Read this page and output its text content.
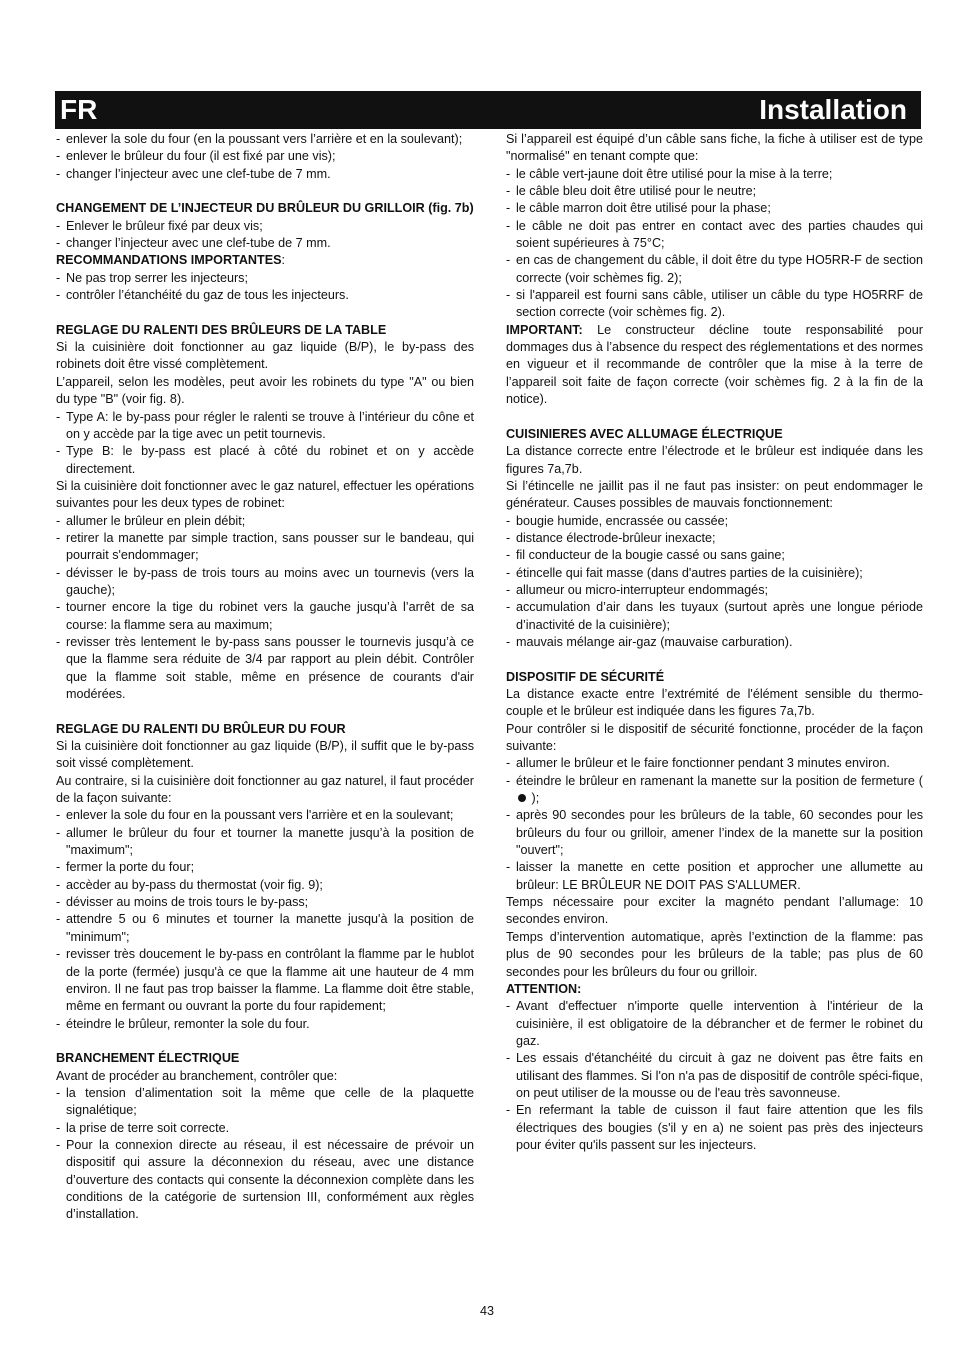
FR	Installation
- enlever la sole du four (en la poussant vers l’arrière et en la soulevant);
- enlever le brûleur du four (il est fixé par une vis);
- changer l’injecteur avec une clef-tube de 7 mm.
CHANGEMENT DE L’INJECTEUR DU BRÛLEUR DU GRILLOIR (fig. 7b)
- Enlever le brûleur fixé par deux vis;
- changer l’injecteur avec une clef-tube de 7 mm.

RECOMMANDATIONS IMPORTANTES:

- Ne pas trop serrer les injecteurs;
- contrôler l’étanchéité du gaz de tous les injecteurs.
REGLAGE DU RALENTI DES BRÛLEURS DE LA TABLE

Si la cuisinière doit fonctionner au gaz liquide (B/P), le by-pass des robinets doit être vissé complètement.

L’appareil, selon les modèles, peut avoir les robinets du type "A" ou bien du type "B" (voir fig. 8).

- Type A: le by-pass pour régler le ralenti se trouve à l’intérieur du cône et on y accède par la tige avec un petit tournevis.
- Type B: le by-pass est placé à côté du robinet et on y accède directement.

Si la cuisinière doit fonctionner avec le gaz naturel, effectuer les opérations suivantes pour les deux types de robinet:

- allumer le brûleur en plein débit;
- retirer la manette par simple traction, sans pousser sur le bandeau, qui pourrait s'endommager;
- dévisser le by-pass de trois tours au moins avec un tournevis (vers la gauche);
- tourner encore la tige du robinet vers la gauche jusqu’à l’arrêt de sa course: la flamme sera au maximum;
- revisser très lentement le by-pass sans pousser le tournevis jusqu’à ce que la flamme sera réduite de 3/4 par rapport au plein débit. Contrôler que la flamme soit stable, même en présence de courants d'air modérées.
REGLAGE DU RALENTI DU BRÛLEUR DU FOUR

Si la cuisinière doit fonctionner au gaz liquide (B/P), il suffit que le by-pass soit vissé complètement.

Au contraire, si la cuisinière doit fonctionner au gaz naturel, il faut procéder de la façon suivante:

- enlever la sole du four en la poussant vers l'arrière et en la soulevant;
- allumer le brûleur du four et tourner la manette jusqu’à la position de "maximum";
- fermer la porte du four;
- accèder au by-pass du thermostat (voir fig. 9);
- dévisser au moins de trois tours le by-pass;
- attendre 5 ou 6 minutes et tourner la manette jusqu'à la position de "minimum";
- revisser très doucement le by-pass en contrôlant la flamme par le hublot de la porte (fermée) jusqu'à ce que la flamme ait une hauteur de 4 mm environ. Il ne faut pas trop baisser la flamme. La flamme doit être stable, même en fermant ou ouvrant la porte du four rapidement;
- éteindre le brûleur, remonter la sole du four.
BRANCHEMENT ÉLECTRIQUE

Avant de procéder au branchement, contrôler que:

- la tension d’alimentation soit la même que celle de la plaquette signalétique;
- la prise de terre soit correcte.
- Pour la connexion directe au réseau, il est nécessaire de prévoir un dispositif qui assure la déconnexion du réseau, avec une distance d’ouverture des contacts qui consente la déconnexion complète dans les conditions de la catégorie de surtension III, conformément aux règles d’installation.

Si l’appareil est équipé d’un câble sans fiche, la fiche à utiliser est de type "normalisé" en tenant compte que:

- le câble vert-jaune doit être utilisé pour la mise à la terre;
- le câble bleu doit être utilisé pour le neutre;
- le câble marron doit être utilisé pour la phase;
- le câble ne doit pas entrer en contact avec des parties chaudes qui soient supérieures à 75°C;
- en cas de changement du câble, il doit être du type HO5RR-F de section correcte (voir schèmes fig. 2);
- si l'appareil est fourni sans câble, utiliser un câble du type HO5RRF de section correcte (voir schèmes fig. 2).

IMPORTANT: Le constructeur décline toute responsabilité pour dommages dus à l’absence du respect des réglementations et des normes en vigueur et il recommande de contrôler que la mise à la terre de l’appareil soit faite de façon correcte (voir schèmes fig. 2 à la fin de la notice).

CUISINIERES AVEC ALLUMAGE ÉLECTRIQUE

La distance correcte entre l’électrode et le brûleur est indiquée dans les figures 7a,7b.

Si l’étincelle ne jaillit pas il ne faut pas insister: on peut endommager le générateur. Causes possibles de mauvais fonctionnement:

- bougie humide, encrassée ou cassée;
- distance électrode-brûleur inexacte;
- fil conducteur de la bougie cassé ou sans gaine;
- étincelle qui fait masse (dans d'autres parties de la cuisinière);
- allumeur ou micro-interrupteur endommagés;
- accumulation d’air dans les tuyaux (surtout après une longue période d’inactivité de la cuisinière);
- mauvais mélange air-gaz (mauvaise carburation).
DISPOSITIF DE SÉCURITÉ

La distance exacte entre l’extrémité de l'élément sensible du thermo-couple et le brûleur est indiquée dans les figures 7a,7b.

Pour contrôler si le dispositif de sécurité fonctionne, procéder de la façon suivante:

- allumer le brûleur et le faire fonctionner pendant 3 minutes environ.
- éteindre le brûleur en ramenant la manette sur la position de fermeture (  );
- après 90 secondes pour les brûleurs de la table, 60 secondes pour les brûleurs du four ou grilloir, amener l’index de la manette sur la position "ouvert";
- laisser la manette en cette position et approcher une allumette au brûleur: LE BRÛLEUR NE DOIT PAS S'ALLUMER.

Temps nécessaire pour exciter la magnéto pendant l’allumage: 10 secondes environ.

Temps d’intervention automatique, après l’extinction de la flamme: pas plus de 90 secondes pour les brûleurs de la table; pas plus de 60 secondes pour les brûleurs du four ou grilloir.

ATTENTION:
- Avant d'effectuer n'importe quelle intervention à l'intérieur de la cuisinière, il est obligatoire de la débrancher et de fermer le robinet du gaz.
- Les essais d'étanchéité du circuit à gaz ne doivent pas être faits en utilisant des flammes. Si l'on n'a pas de dispositif de contrôle spéci-fique, on peut utiliser de la mousse ou de l'eau très savonneuse.
- En refermant la table de cuisson il faut faire attention que les fils électriques des bougies (s'il y en a) ne soient pas près des injecteurs pour éviter qu'ils passent sur les injecteurs.
43
